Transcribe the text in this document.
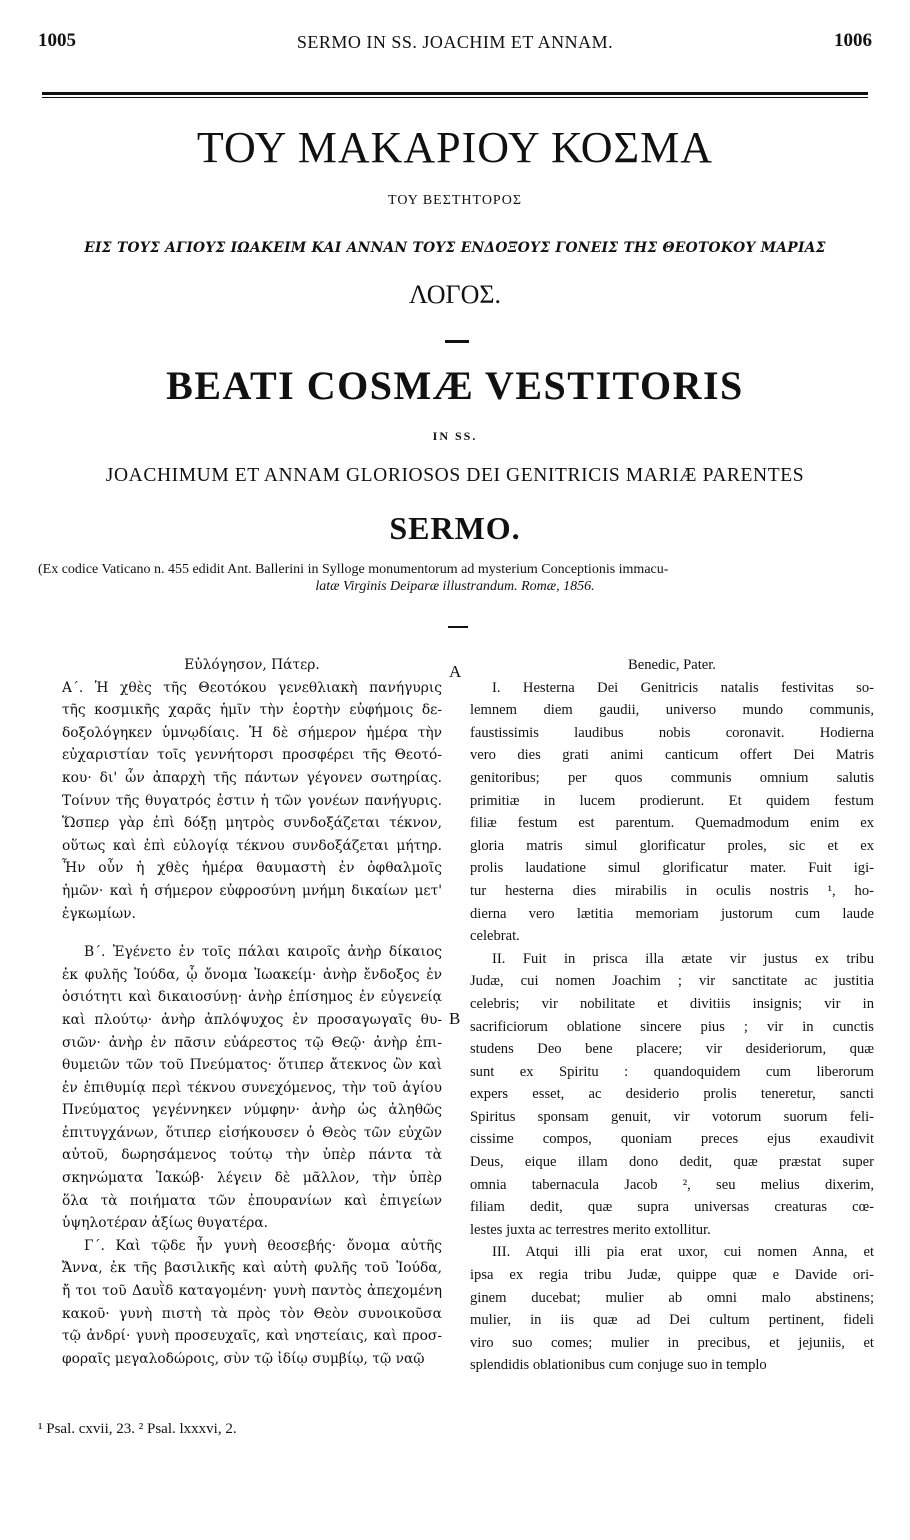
1005	SERMO IN SS. JOACHIM ET ANNAM.	1006
ΤΟΥ ΜΑΚΑΡΙΟΥ ΚΟΣΜΑ
ΤΟΥ ΒΕΣΤΗΤΟΡΟΣ
ΕΙΣ ΤΟΥΣ ΑΓΙΟΥΣ ΙΩΑΚΕΙΜ ΚΑΙ ΑΝΝΑΝ ΤΟΥΣ ΕΝΔΟΞΟΥΣ ΓΟΝΕΙΣ ΤΗΣ ΘΕΟΤΟΚΟΥ ΜΑΡΙΑΣ
ΛΟΓΟΣ.
BEATI COSMÆ VESTITORIS
IN SS.
JOACHIMUM ET ANNAM GLORIOSOS DEI GENITRICIS MARIÆ PARENTES
SERMO.
(Ex codice Vaticano n. 455 edidit Ant. Ballerini in Sylloge monumentorum ad mysterium Conceptionis immacu-
latæ Virginis Deiparæ illustrandum. Romæ, 1856.
A
B
Εὐλόγησον, Πάτερ.
Α΄. Ἡ χθὲς τῆς Θεοτόκου γενεθλιακὴ πανήγυρις
τῆς κοσμικῆς χαρᾶς ἡμῖν τὴν ἑορτὴν εὐφήμοις δε-
δοξολόγηκεν ὑμνῳδίαις. Ἡ δὲ σήμερον ἡμέρα τὴν
εὐχαριστίαν τοῖς γεννήτορσι προσφέρει τῆς Θεοτό-
κου· δι' ὧν ἀπαρχὴ τῆς πάντων γέγονεν σωτηρίας.
Τοίνυν τῆς θυγατρός ἐστιν ἡ τῶν γονέων πανήγυρις.
Ὥσπερ γὰρ ἐπὶ δόξῃ μητρὸς συνδοξάζεται τέκνον,
οὕτως καὶ ἐπὶ εὐλογίᾳ τέκνου συνδοξάζεται μήτηρ.
Ἦν οὖν ἡ χθὲς ἡμέρα θαυμαστὴ ἐν ὀφθαλμοῖς
ἡμῶν· καὶ ἡ σήμερον εὐφροσύνη μνήμη δικαίων μετ'
ἐγκωμίων.
Β΄. Ἐγένετο ἐν τοῖς πάλαι καιροῖς ἀνὴρ δίκαιος
ἐκ φυλῆς Ἰούδα, ᾧ ὄνομα Ἰωακείμ· ἀνὴρ ἔνδοξος ἐν
ὁσιότητι καὶ δικαιοσύνῃ· ἀνὴρ ἐπίσημος ἐν εὐγενείᾳ
καὶ πλούτῳ· ἀνὴρ ἀπλόψυχος ἐν προσαγωγαῖς θυ-
σιῶν· ἀνὴρ ἐν πᾶσιν εὐάρεστος τῷ Θεῷ· ἀνὴρ ἐπι-
θυμειῶν τῶν τοῦ Πνεύματος· ὅτιπερ ἄτεκνος ὢν καὶ
ἐν ἐπιθυμίᾳ περὶ τέκνου συνεχόμενος, τὴν τοῦ ἁγίου
Πνεύματος γεγέννηκεν νύμφην· ἀνὴρ ὡς ἀληθῶς
ἐπιτυγχάνων, ὅτιπερ εἰσήκουσεν ὁ Θεὸς τῶν εὐχῶν
αὐτοῦ, δωρησάμενος τούτῳ τὴν ὑπὲρ πάντα τὰ
σκηνώματα Ἰακώβ· λέγειν δὲ μᾶλλον, τὴν ὑπὲρ
ὅλα τὰ ποιήματα τῶν ἐπουρανίων καὶ ἐπιγείων
ὑψηλοτέραν ἀξίως θυγατέρα.
Γ΄. Καὶ τῷδε ἦν γυνὴ θεοσεβής· ὄνομα αὐτῆς
Ἄννα, ἐκ τῆς βασιλικῆς καὶ αὐτὴ φυλῆς τοῦ Ἰούδα,
ἤ τοι τοῦ Δαυῒδ καταγομένη· γυνὴ παντὸς ἀπεχομένη
κακοῦ· γυνὴ πιστὴ τὰ πρὸς τὸν Θεὸν συνοικοῦσα
τῷ ἀνδρί· γυνὴ προσευχαῖς, καὶ νηστείαις, καὶ προσ-
φοραῖς μεγαλοδώροις, σὺν τῷ ἰδίῳ συμβίῳ, τῷ ναῷ
Benedic, Pater.
I. Hesterna Dei Genitricis natalis festivitas so-
lemnem diem gaudii, universo mundo communis,
faustissimis laudibus nobis coronavit. Hodierna
vero dies grati animi canticum offert Dei Matris
genitoribus; per quos communis omnium salutis
primitiæ in lucem prodierunt. Et quidem festum
filiæ festum est parentum. Quemadmodum enim ex
gloria matris simul glorificatur proles, sic et ex
prolis laudatione simul glorificatur mater. Fuit igi-
tur hesterna dies mirabilis in oculis nostris ¹, ho-
dierna vero lætitia memoriam justorum cum laude
celebrat.
II. Fuit in prisca illa ætate vir justus ex tribu
Judæ, cui nomen Joachim ; vir sanctitate ac justitia
celebris; vir nobilitate et divitiis insignis; vir in
sacrificiorum oblatione sincere pius ; vir in cunctis
studens Deo bene placere; vir desideriorum, quæ
sunt ex Spiritu : quandoquidem cum liberorum
expers esset, ac desiderio prolis teneretur, sancti
Spiritus sponsam genuit, vir votorum suorum feli-
cissime compos, quoniam preces ejus exaudivit
Deus, eique illam dono dedit, quæ præstat super
omnia tabernacula Jacob ², seu melius dixerim,
filiam dedit, quæ supra universas creaturas cœ-
lestes juxta ac terrestres merito extollitur.
III. Atqui illi pia erat uxor, cui nomen Anna, et
ipsa ex regia tribu Judæ, quippe quæ e Davide ori-
ginem ducebat; mulier ab omni malo abstinens;
mulier, in iis quæ ad Dei cultum pertinent, fideli
viro suo comes; mulier in precibus, et jejuniis, et
splendidis oblationibus cum conjuge suo in templo
¹ Psal. cxvii, 23. ² Psal. lxxxvi, 2.
